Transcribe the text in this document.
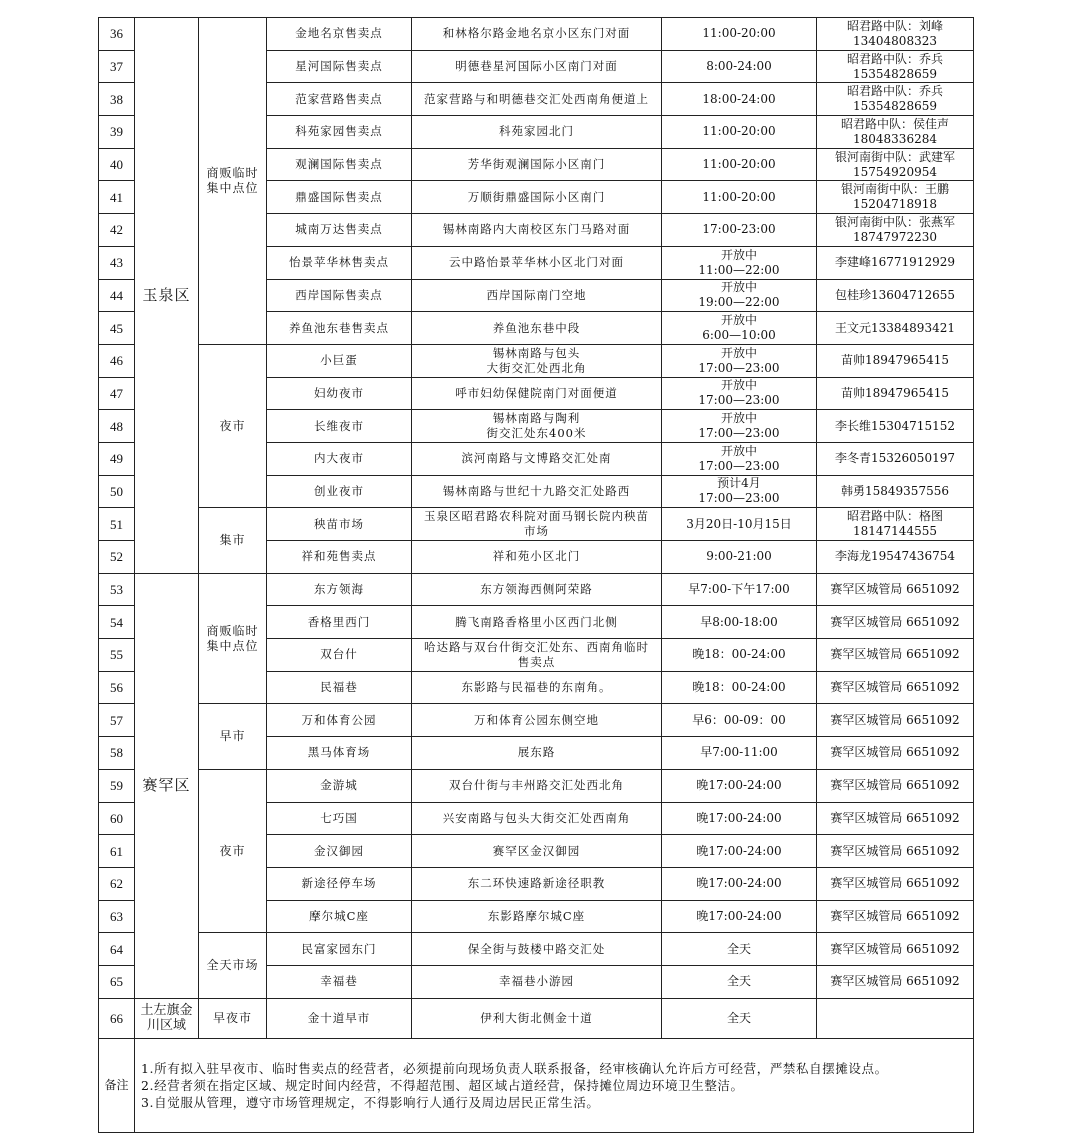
36	玉泉区	商贩临时
集中点位	金地名京售卖点	和林格尔路金地名京小区东门对面	11:00-20:00	昭君路中队：刘峰
13404808323
37			星河国际售卖点	明德巷星河国际小区南门对面	8:00-24:00	昭君路中队：乔兵
15354828659
38			范家营路售卖点	范家营路与和明德巷交汇处西南角便道上	18:00-24:00	昭君路中队：乔兵
15354828659
39			科苑家园售卖点	科苑家园北门	11:00-20:00	昭君路中队：侯佳声
18048336284
40			观澜国际售卖点	芳华街观澜国际小区南门	11:00-20:00	银河南街中队：武建军
15754920954
41			鼎盛国际售卖点	万顺街鼎盛国际小区南门	11:00-20:00	银河南街中队：王鹏
15204718918
42			城南万达售卖点	锡林南路内大南校区东门马路对面	17:00-23:00	银河南街中队：张燕军
18747972230
43			怡景苹华林售卖点	云中路怡景苹华林小区北门对面	开放中
11:00—22:00	李建峰16771912929
44			西岸国际售卖点	西岸国际南门空地	开放中
19:00—22:00	包桂珍13604712655
45			养鱼池东巷售卖点	养鱼池东巷中段	开放中
6:00—10:00	王文元13384893421
46		夜市	小巨蛋	锡林南路与包头
大街交汇处西北角	开放中
17:00—23:00	苗帅18947965415
47			妇幼夜市	呼市妇幼保健院南门对面便道	开放中
17:00—23:00	苗帅18947965415
48			长维夜市	锡林南路与陶利
街交汇处东400米	开放中
17:00—23:00	李长维15304715152
49			内大夜市	滨河南路与文博路交汇处南	开放中
17:00—23:00	李冬青15326050197
50			创业夜市	锡林南路与世纪十九路交汇处路西	预计4月
17:00—23:00	韩勇15849357556
51		集市	秧苗市场	玉泉区昭君路农科院对面马钢长院内秧苗
市场	3月20日-10月15日	昭君路中队：格图
18147144555
52			祥和苑售卖点	祥和苑小区北门	9:00-21:00	李海龙19547436754
53	赛罕区	商贩临时
集中点位	东方领海	东方领海西侧阿荣路	早7:00-下午17:00	赛罕区城管局 6651092
54			香格里西门	腾飞南路香格里小区西门北侧	早8:00-18:00	赛罕区城管局 6651092
55			双台什	哈达路与双台什街交汇处东、西南角临时
售卖点	晚18：00-24:00	赛罕区城管局 6651092
56			民福巷	东影路与民福巷的东南角。	晚18：00-24:00	赛罕区城管局 6651092
57		早市	万和体育公园	万和体育公园东侧空地	早6：00-09：00	赛罕区城管局 6651092
58			黑马体育场	展东路	早7:00-11:00	赛罕区城管局 6651092
59		夜市	金游城	双台什街与丰州路交汇处西北角	晚17:00-24:00	赛罕区城管局 6651092
60			七巧国	兴安南路与包头大街交汇处西南角	晚17:00-24:00	赛罕区城管局 6651092
61			金汉御园	赛罕区金汉御园	晚17:00-24:00	赛罕区城管局 6651092
62			新途径停车场	东二环快速路新途径职教	晚17:00-24:00	赛罕区城管局 6651092
63			摩尔城C座	东影路摩尔城C座	晚17:00-24:00	赛罕区城管局 6651092
64		全天市场	民富家园东门	保全街与鼓楼中路交汇处	全天	赛罕区城管局 6651092
65			幸福巷	幸福巷小游园	全天	赛罕区城管局 6651092
66	土左旗金
川区域	早夜市	金十道早市	伊利大街北侧金十道	全天	
备注	1.所有拟入驻早夜市、临时售卖点的经营者，必须提前向现场负责人联系报备，经审核确认允许后方可经营，严禁私自摆摊设点。
2.经营者须在指定区域、规定时间内经营，不得超范围、超区域占道经营，保持摊位周边环境卫生整洁。
3.自觉服从管理，遵守市场管理规定，不得影响行人通行及周边居民正常生活。					
